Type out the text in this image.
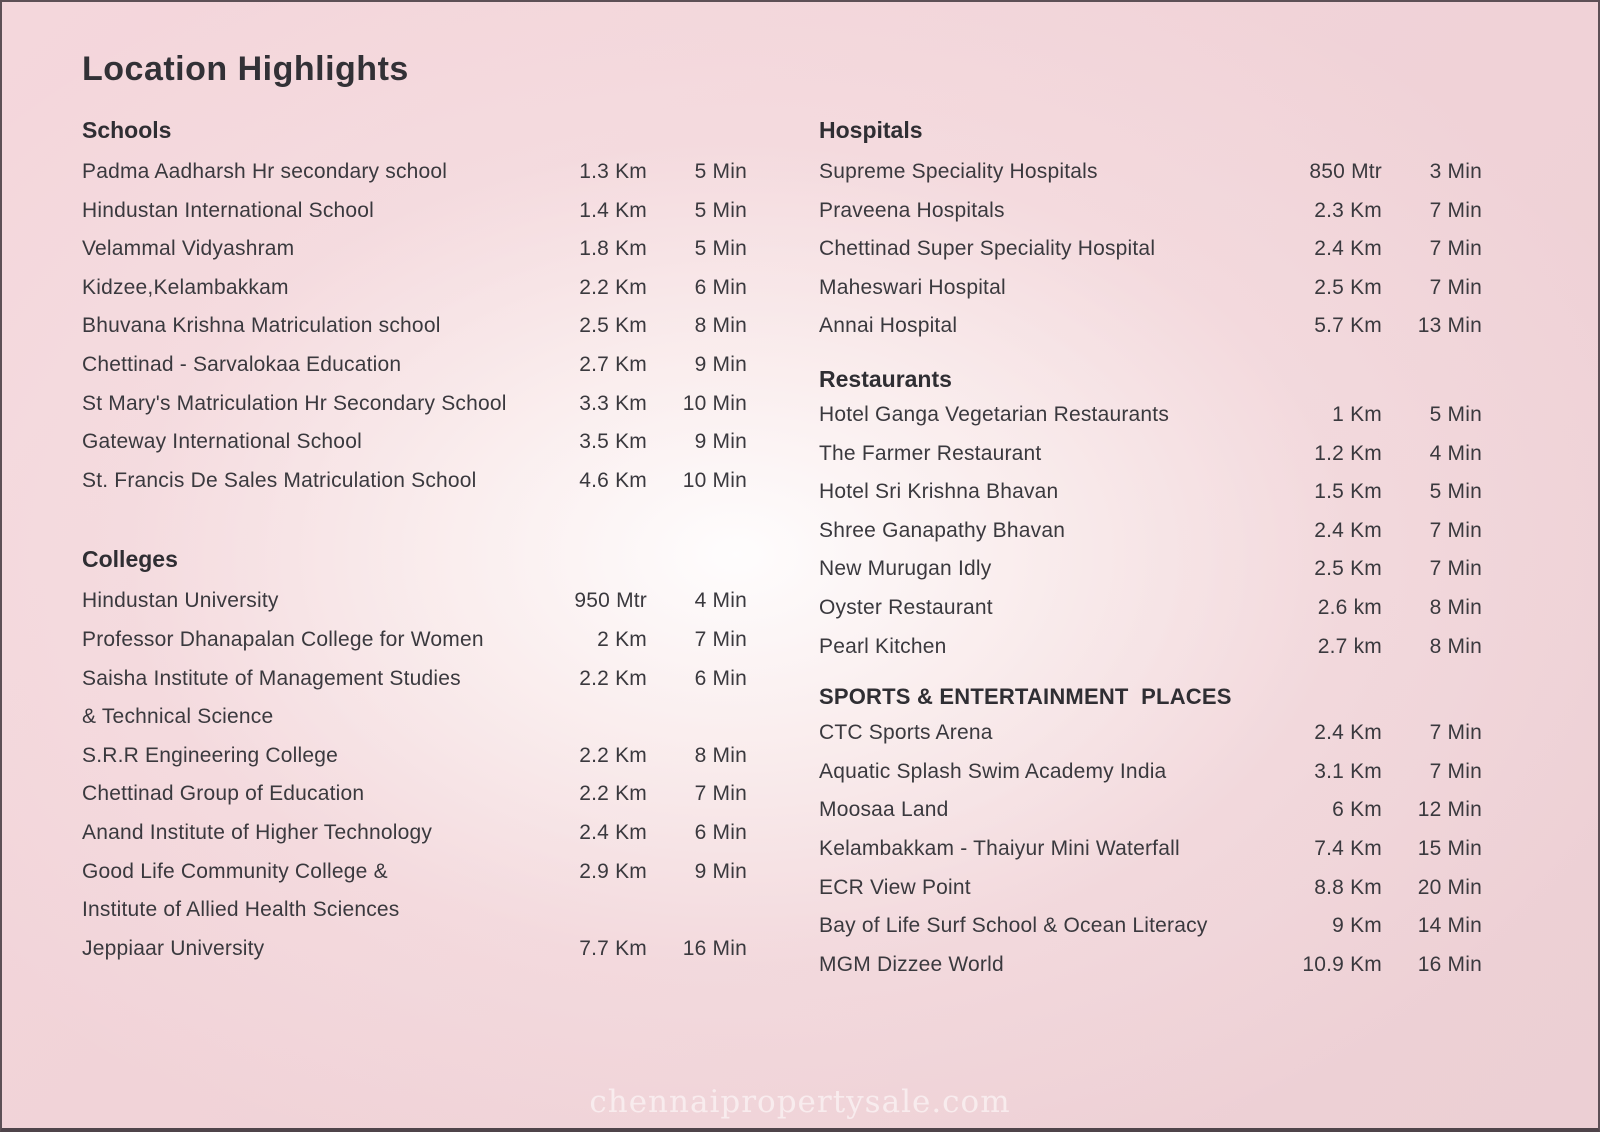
Location Highlights
Schools
Padma Aadharsh Hr secondary school	1.3 Km	5 Min
Hindustan International School	1.4 Km	5 Min
Velammal Vidyashram	1.8 Km	5 Min
Kidzee,Kelambakkam	2.2 Km	6 Min
Bhuvana Krishna Matriculation school	2.5 Km	8 Min
Chettinad - Sarvalokaa Education	2.7 Km	9 Min
St Mary's Matriculation Hr Secondary School	3.3 Km	10 Min
Gateway International School	3.5 Km	9 Min
St. Francis De Sales Matriculation School	4.6 Km	10 Min
Colleges
Hindustan University	950 Mtr	4 Min
Professor Dhanapalan College for Women	2 Km	7 Min
Saisha Institute of Management Studies
& Technical Science
2.2 Km	6 Min
S.R.R Engineering College	2.2 Km	8 Min
Chettinad Group of Education	2.2 Km	7 Min
Anand Institute of Higher Technology	2.4 Km	6 Min
Good Life Community College &
Institute of Allied Health Sciences
2.9 Km	9 Min
Jeppiaar University	7.7 Km	16 Min
Hospitals
Supreme Speciality Hospitals	850 Mtr	3 Min
Praveena Hospitals	2.3 Km	7 Min
Chettinad Super Speciality Hospital	2.4 Km	7 Min
Maheswari Hospital	2.5 Km	7 Min
Annai Hospital	5.7 Km	13 Min
Restaurants
Hotel Ganga Vegetarian Restaurants	1 Km	5 Min
The Farmer Restaurant	1.2 Km	4 Min
Hotel Sri Krishna Bhavan	1.5 Km	5 Min
Shree Ganapathy Bhavan	2.4 Km	7 Min
New Murugan Idly	2.5 Km	7 Min
Oyster Restaurant	2.6 km	8 Min
Pearl Kitchen	2.7 km	8 Min
SPORTS & ENTERTAINMENT  PLACES
CTC Sports Arena	2.4 Km	7 Min
Aquatic Splash Swim Academy India	3.1 Km	7 Min
Moosaa Land	6 Km	12 Min
Kelambakkam - Thaiyur Mini Waterfall	7.4 Km	15 Min
ECR View Point	8.8 Km	20 Min
Bay of Life Surf School & Ocean Literacy	9 Km	14 Min
MGM Dizzee World	10.9 Km	16 Min
chennaipropertysale.com
